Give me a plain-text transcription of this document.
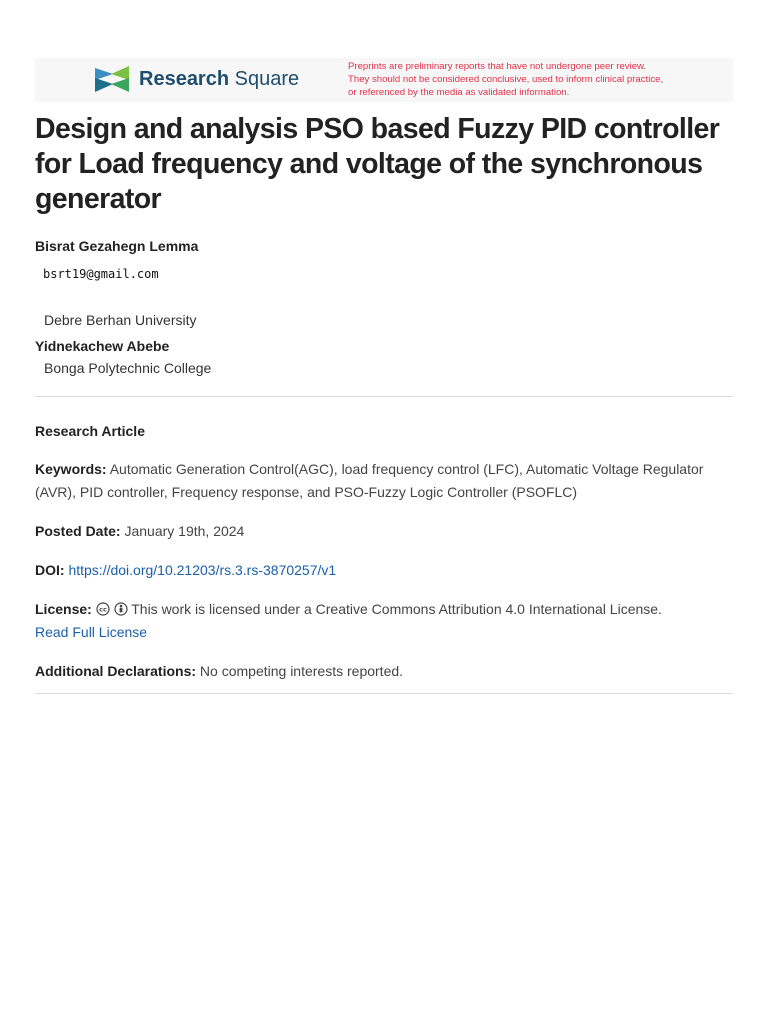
Research Square
Preprints are preliminary reports that have not undergone peer review.
They should not be considered conclusive, used to inform clinical practice,
or referenced by the media as validated information.
Design and analysis PSO based Fuzzy PID controller for Load frequency and voltage of the synchronous generator
Bisrat Gezahegn Lemma
bsrt19@gmail.com
Debre Berhan University
Yidnekachew Abebe
Bonga Polytechnic College
Research Article
Keywords: Automatic Generation Control(AGC), load frequency control (LFC), Automatic Voltage Regulator (AVR), PID controller, Frequency response, and PSO-Fuzzy Logic Controller (PSOFLC)
Posted Date: January 19th, 2024
DOI: https://doi.org/10.21203/rs.3.rs-3870257/v1
License: cc This work is licensed under a Creative Commons Attribution 4.0 International License.
Read Full License
Additional Declarations: No competing interests reported.
